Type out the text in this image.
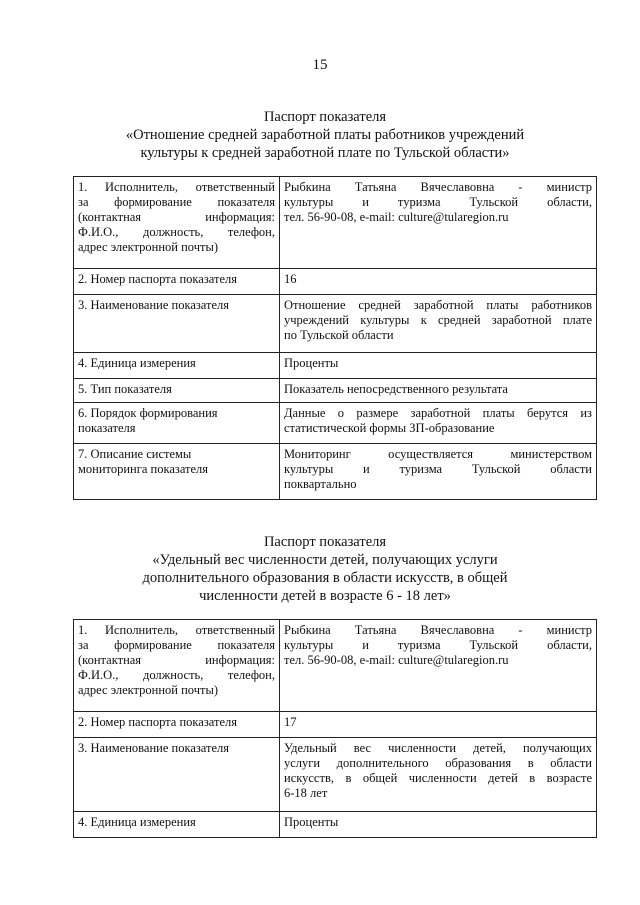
15
Паспорт показателя
«Отношение средней заработной платы работников учреждений
культуры к средней заработной плате по Тульской области»
1. Исполнитель, ответственный
за формирование показателя
(контактная информация:
Ф.И.О., должность, телефон,
адрес электронной почты)	Рыбкина Татьяна Вячеславовна - министр
культуры и туризма Тульской области,
тел. 56-90-08, e-mail: culture@tularegion.ru

2. Номер паспорта показателя	16

3. Наименование показателя	Отношение средней заработной платы работников
учреждений культуры к средней заработной плате
по Тульской области

4. Единица измерения	Проценты

5. Тип показателя	Показатель непосредственного результата

6. Порядок формирования
показателя	Данные о размере заработной платы берутся из
статистической формы ЗП-образование

7. Описание системы
мониторинга показателя	Мониторинг осуществляется министерством
культуры и туризма Тульской области
поквартально
Паспорт показателя
«Удельный вес численности детей, получающих услуги
дополнительного образования в области искусств, в общей
численности детей в возрасте 6 - 18 лет»
1. Исполнитель, ответственный
за формирование показателя
(контактная информация:
Ф.И.О., должность, телефон,
адрес электронной почты)	Рыбкина Татьяна Вячеславовна - министр
культуры и туризма Тульской области,
тел. 56-90-08, e-mail: culture@tularegion.ru

2. Номер паспорта показателя	17

3. Наименование показателя	Удельный вес численности детей, получающих
услуги дополнительного образования в области
искусств, в общей численности детей в возрасте
6-18 лет

4. Единица измерения	Проценты
